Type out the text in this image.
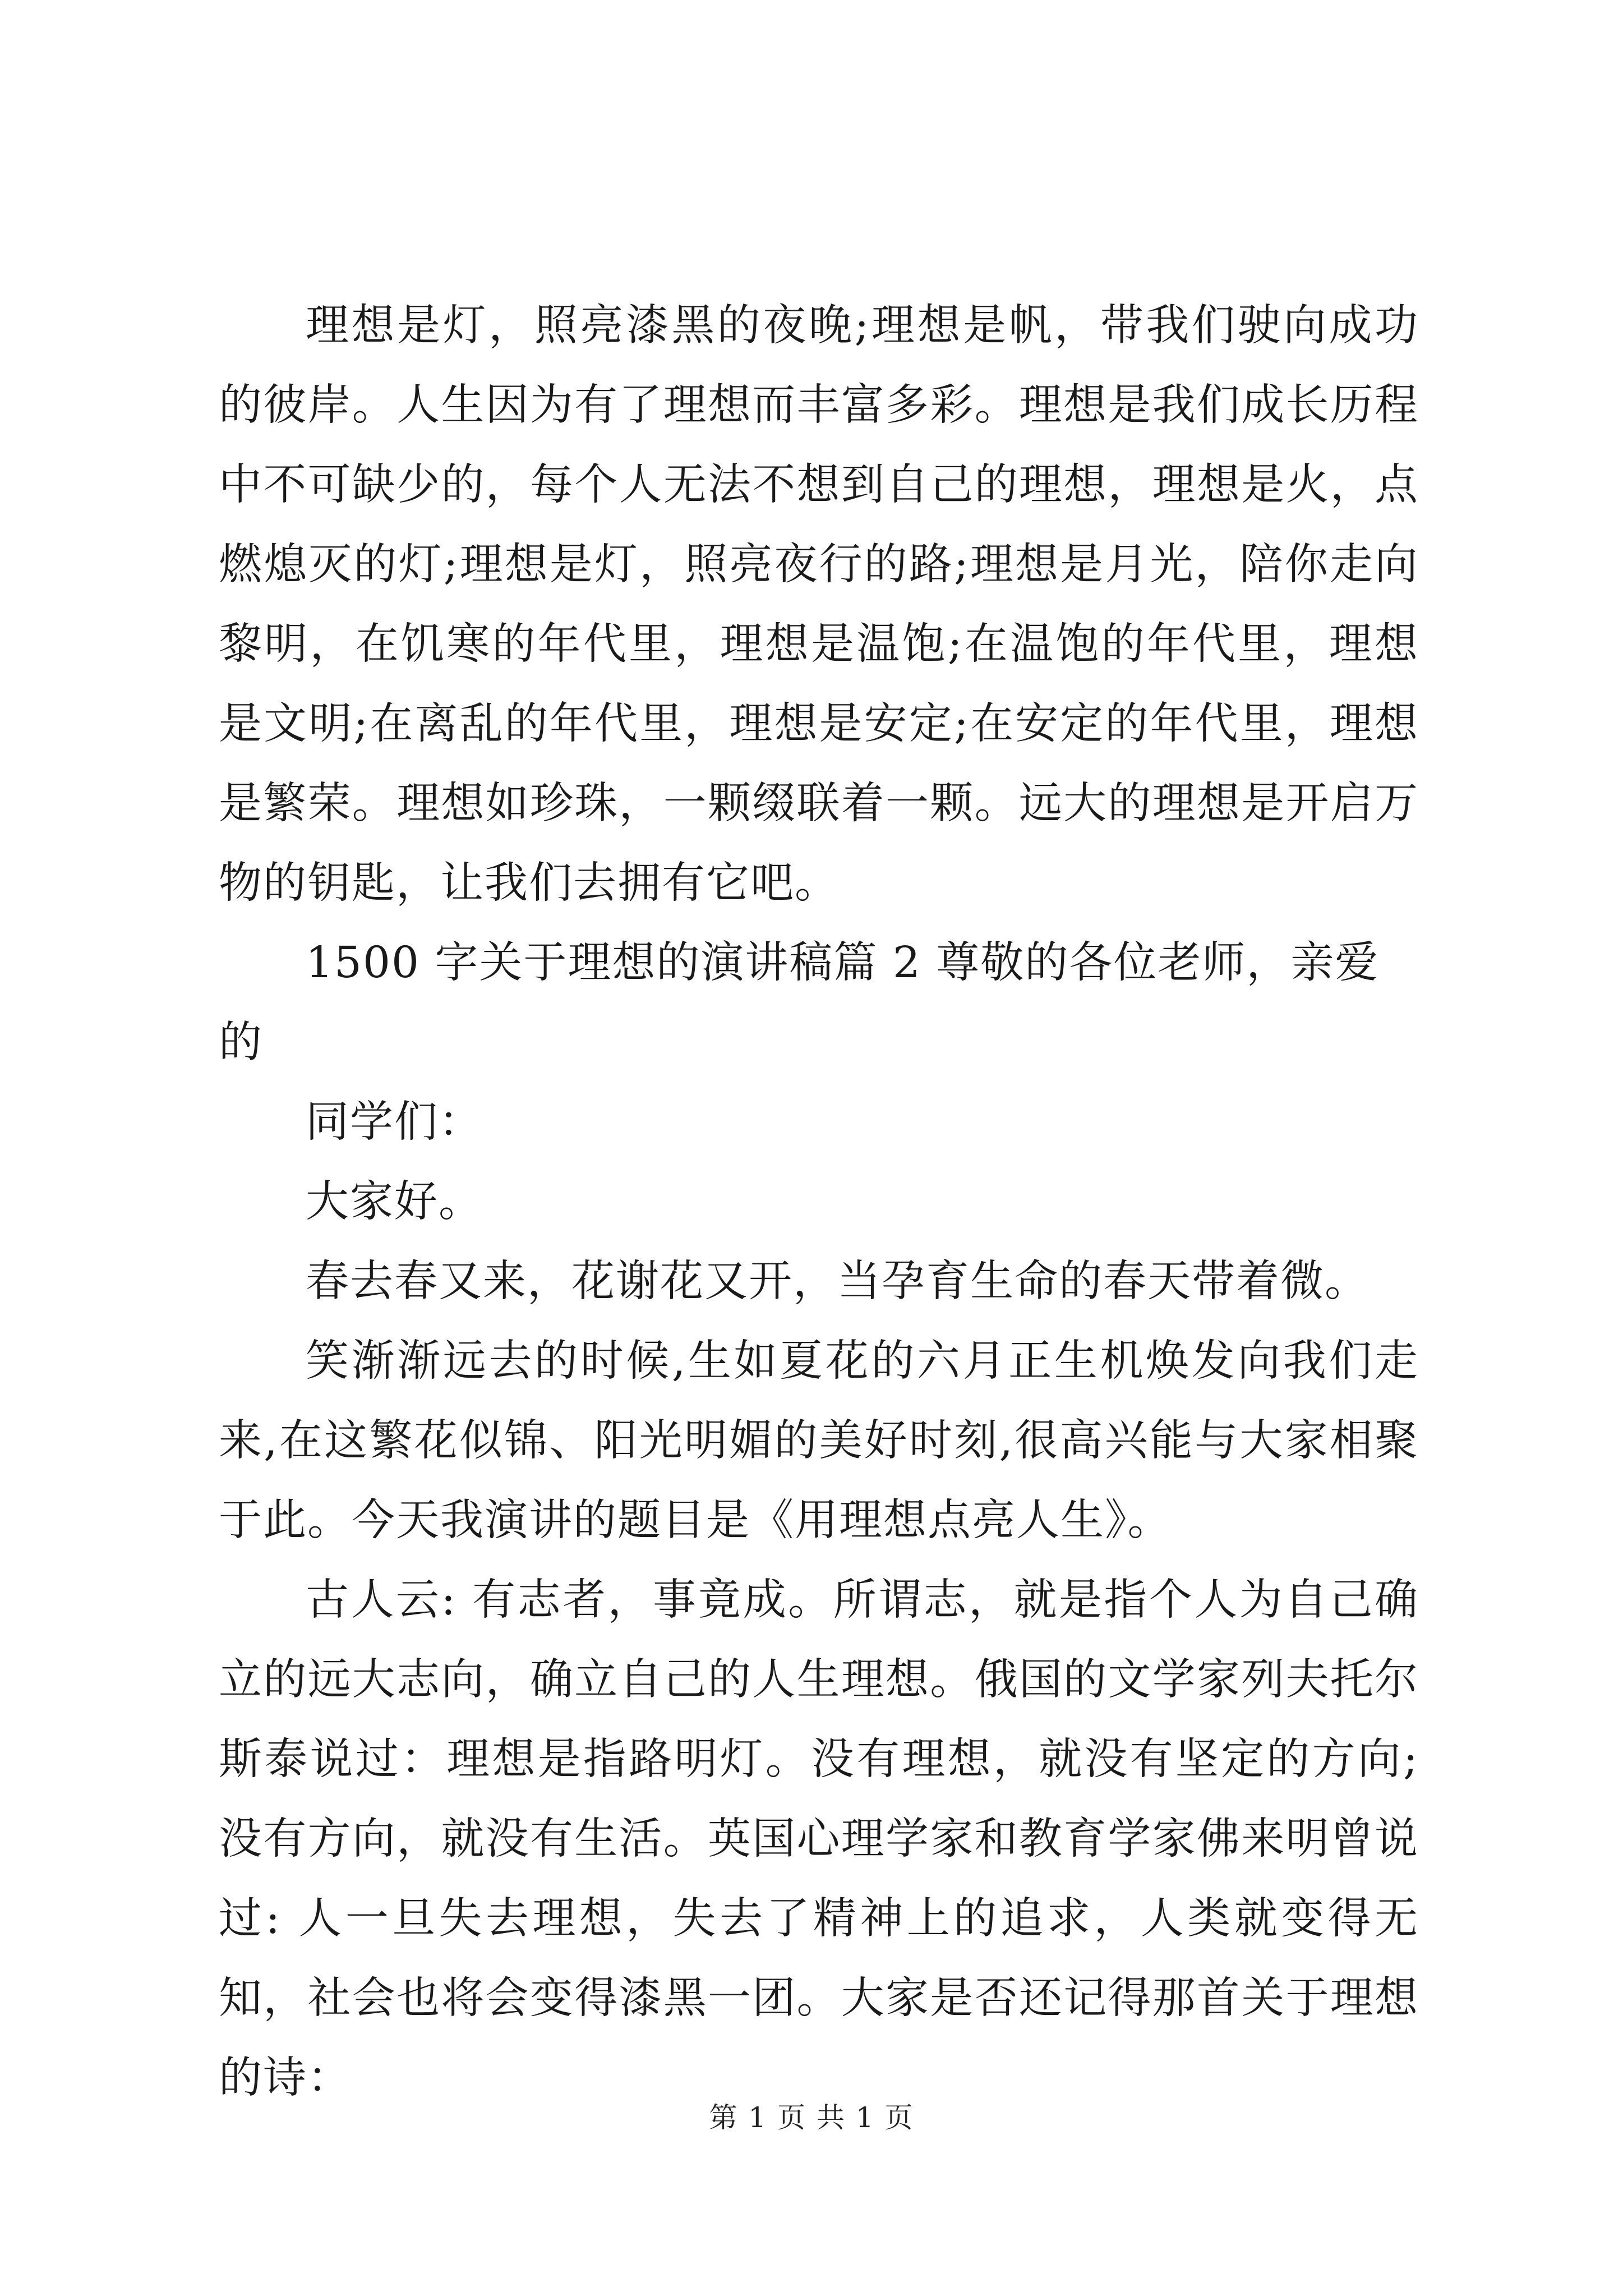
理想是灯，照亮漆黑的夜晚;理想是帆，带我们驶向成功的彼岸。人生因为有了理想而丰富多彩。理想是我们成长历程中不可缺少的，每个人无法不想到自己的理想，理想是火，点燃熄灭的灯;理想是灯，照亮夜行的路;理想是月光，陪你走向黎明，在饥寒的年代里，理想是温饱;在温饱的年代里，理想是文明;在离乱的年代里，理想是安定;在安定的年代里，理想是繁荣。理想如珍珠，一颗缀联着一颗。远大的理想是开启万物的钥匙，让我们去拥有它吧。

1500 字关于理想的演讲稿篇 2 尊敬的各位老师，亲爱的

同学们：

大家好。

春去春又来，花谢花又开，当孕育生命的春天带着微。

笑渐渐远去的时候,生如夏花的六月正生机焕发向我们走来,在这繁花似锦、阳光明媚的美好时刻,很高兴能与大家相聚于此。今天我演讲的题目是《用理想点亮人生》。

古人云: 有志者，事竟成。所谓志，就是指个人为自己确立的远大志向，确立自己的人生理想。俄国的文学家列夫托尔斯泰说过：理想是指路明灯。没有理想，就没有坚定的方向;没有方向，就没有生活。英国心理学家和教育学家佛来明曾说过: 人一旦失去理想，失去了精神上的追求，人类就变得无知，社会也将会变得漆黑一团。大家是否还记得那首关于理想的诗：

第 1 页 共 1 页
